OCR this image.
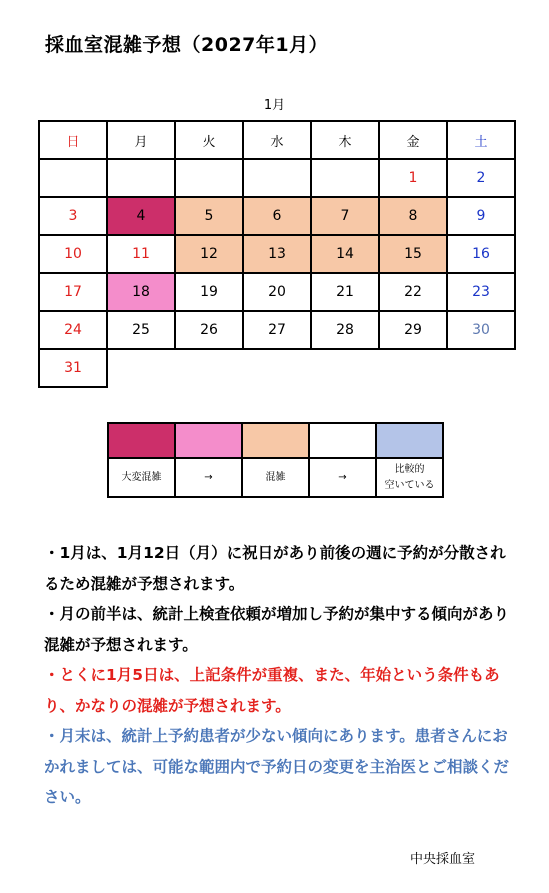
採血室混雑予想（2027年1月）
1月
日	月	火	水	木	金	土
					1	2
3	4	5	6	7	8	9
10	11	12	13	14	15	16
17	18	19	20	21	22	23
24	25	26	27	28	29	30
31						

大変混雑	→	混雑	→	比較的
空いている

・1月は、1月12日（月）に祝日があり前後の週に予約が分散されるため混雑が予想されます。

・月の前半は、統計上検査依頼が増加し予約が集中する傾向があり混雑が予想されます。

・とくに1月5日は、上記条件が重複、また、年始という条件もあり、かなりの混雑が予想されます。

・月末は、統計上予約患者が少ない傾向にあります。患者さんにおかれましては、可能な範囲内で予約日の変更を主治医とご相談ください。

中央採血室
